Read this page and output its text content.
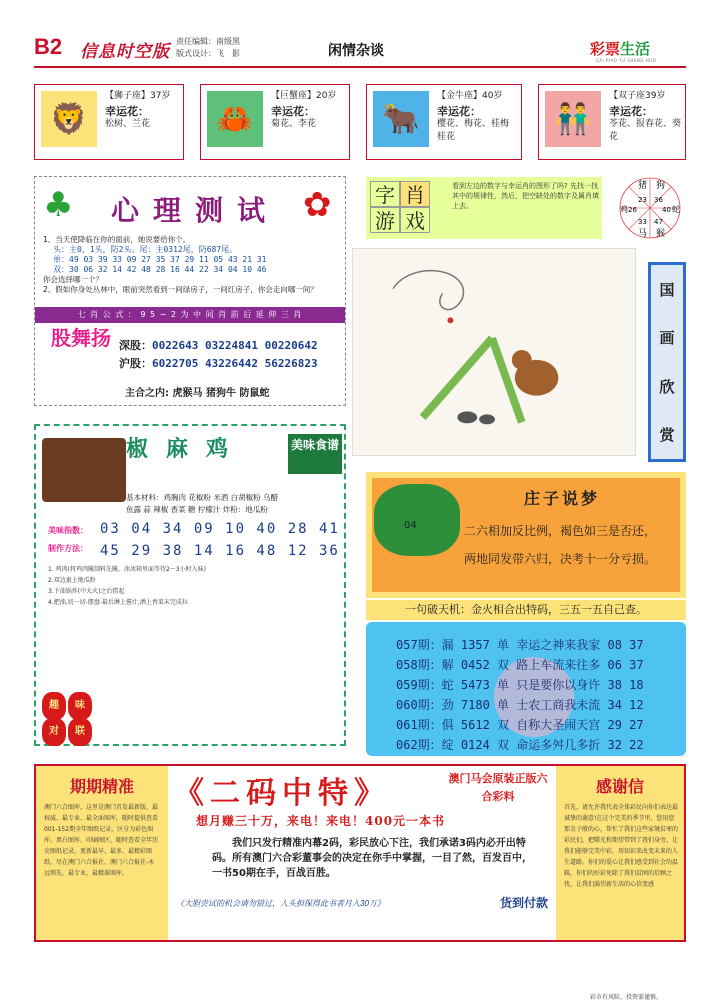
B2 信息时空版
责任编辑：南级黑
版式设计：飞　影	闲情杂谈	彩票生活
CAI PIAO YU SHENG HUO
🦁
【狮子座】37岁
幸运花：
松树、兰花	🦀
【巨蟹座】20岁
幸运花：
菊花、李花	🐂
【金牛座】40岁
幸运花：
樱花、梅花、桂梅桂花
👬
【双子座39岁
幸运花：
苓花、报春花、葵花
♣	✿
心理测试
1、当天使降临在你的面前，她说要给你个。
头：主0，1头，防2头。尾：主0312尾，防687尾。
单：49 03 39 33 09 27 35 37 29 11 05 43 21 31
双：30 06 32 14 42 48 28 16 44 22 34 04 10 46
你会选择哪一个？
2、假如你身处丛林中，眼前突然看到一间绿房子，一间红房子，你会走向哪一间？
七 肖 公 式 ： 9 5 − 2 为 中 间 肖 前 后 延 伸 三 肖
股舞扬 深股：0022643 03224841 00220642
沪股：6022705 43226442 56226823
主合之内: 虎猴马 猪狗牛 防鼠蛇
字 肖
游 戏
看到左边的数字与幸运肖的图形了吗? 先找一找其中的规律性，然后，把空缺处的数字及属肖填上去。
猪 狗
鸡 26	40 蛇
23 36
33 47
马 猴
国
画
欣
赏
椒麻鸡	美味食谱
基本材料：鸡胸肉 花椒粉 米酒 白胡椒粉 乌醋
鱼露 蒜 辣椒 香菜 糖 柠檬汁 炸粉：地瓜粉
美味指数：
制作方法：
03 04 34 09 10 40 28 41
45 29 38 14 16 48 12 36
1. 鸡肉(将鸡肉腌制料先腌，冰冰箱里面等待2～3小时入味)
2.双边裹上地瓜粉
3.下油锅炸(中大火)之后捞起
4.把油,切一切-摆盘-最后淋上酱汁,洒上香菜末完成拉
趣	味
对	联
04
庄子说梦
二六相加反比例，褐色如三是否还，
两地同发带六归，决考十一分亏损。
一句破天机：金火相合出特码，三五一五自己查。
057期：漏 1357 单 幸运之神来我家 08 37
058期：解 0452 双 路上车流来往多 06 37
059期：蛇 5473 单 只是要你以身许 38 18
060期：劲 7180 单 士农工商我未流 34 12
061期：俱 5612 双 自称大圣闹天宫 29 27
062期：绽 0124 双 命运多舛几多折 32 22
期期精准
澳门六合图库，这里是澳门首发最新版、最权威、最专业、最全面图库，随时提供查看001-152期全年图纸记录，区分为彩色图库、黑白图库、印刷图区，随时查看全年历史图纸记录，更新最早、最多，最精彩图纸，尽在澳门六合报社，澳门六合报社-永远领先，最专业，最精准图库。
《二码中特》	澳门马会原装正版六合彩料
想月赚三十万，来电！来电！400元一本书
我们只发行精准内幕2码，彩民放心下注，我们承诺3码内必开出特码。所有澳门六合彩董事会的决定在你手中掌握，一目了然，百发百中，一书50期在手，百战百胜。
《大胆尝试的机会请勿错过，人头担保得此书者月入30万》	货到付款
感谢信
首先，请允许我代表全体彩民向你们表达最诚挚的谢意!在这个完美的季节里，您用您那金子般的心，帮忙了我们这些家境贫寒的彩民们，把曙光和期望带到了我们身旁，让我们能够完美中彩，用知识来改变未来的人生道路。你们的爱心让我们感受到社会的温暖，你们的好彩免除了我们贫困的后顾之忧，让我们渴望新生活的心信变感
彩市有风险，投资需谨慎。
